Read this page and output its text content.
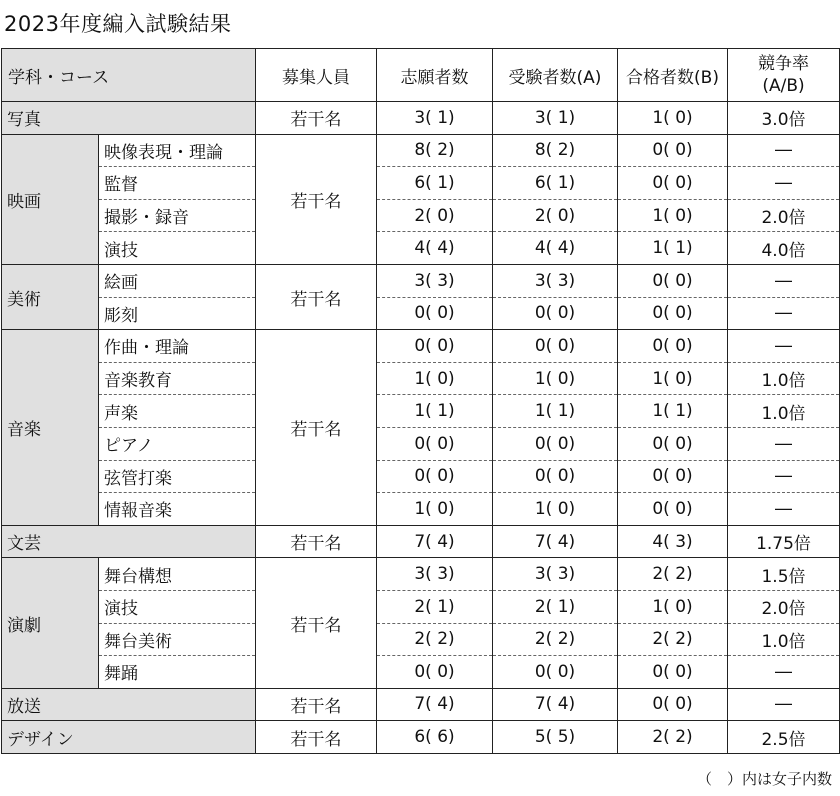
2023年度編入試験結果
学科・コース		募集人員	志願者数	受験者数(A)	合格者数(B)	競争率
(A/B)

写真		若干名	3( 1)	3( 1)	1( 0)	3.0倍
映画	映像表現・理論	若干名	8( 2)	8( 2)	0( 0)	―
	監督		6( 1)	6( 1)	0( 0)	―
	撮影・録音		2( 0)	2( 0)	1( 0)	2.0倍
	演技		4( 4)	4( 4)	1( 1)	4.0倍
美術	絵画	若干名	3( 3)	3( 3)	0( 0)	―
	彫刻		0( 0)	0( 0)	0( 0)	―
音楽	作曲・理論	若干名	0( 0)	0( 0)	0( 0)	―
	音楽教育		1( 0)	1( 0)	1( 0)	1.0倍
	声楽		1( 1)	1( 1)	1( 1)	1.0倍
	ピアノ		0( 0)	0( 0)	0( 0)	―
	弦管打楽		0( 0)	0( 0)	0( 0)	―
	情報音楽		1( 0)	1( 0)	0( 0)	―
文芸		若干名	7( 4)	7( 4)	4( 3)	1.75倍
演劇	舞台構想	若干名	3( 3)	3( 3)	2( 2)	1.5倍
	演技		2( 1)	2( 1)	1( 0)	2.0倍
	舞台美術		2( 2)	2( 2)	2( 2)	1.0倍
	舞踊		0( 0)	0( 0)	0( 0)	―
放送		若干名	7( 4)	7( 4)	0( 0)	―
デザイン		若干名	6( 6)	5( 5)	2( 2)	2.5倍
（　）内は女子内数
